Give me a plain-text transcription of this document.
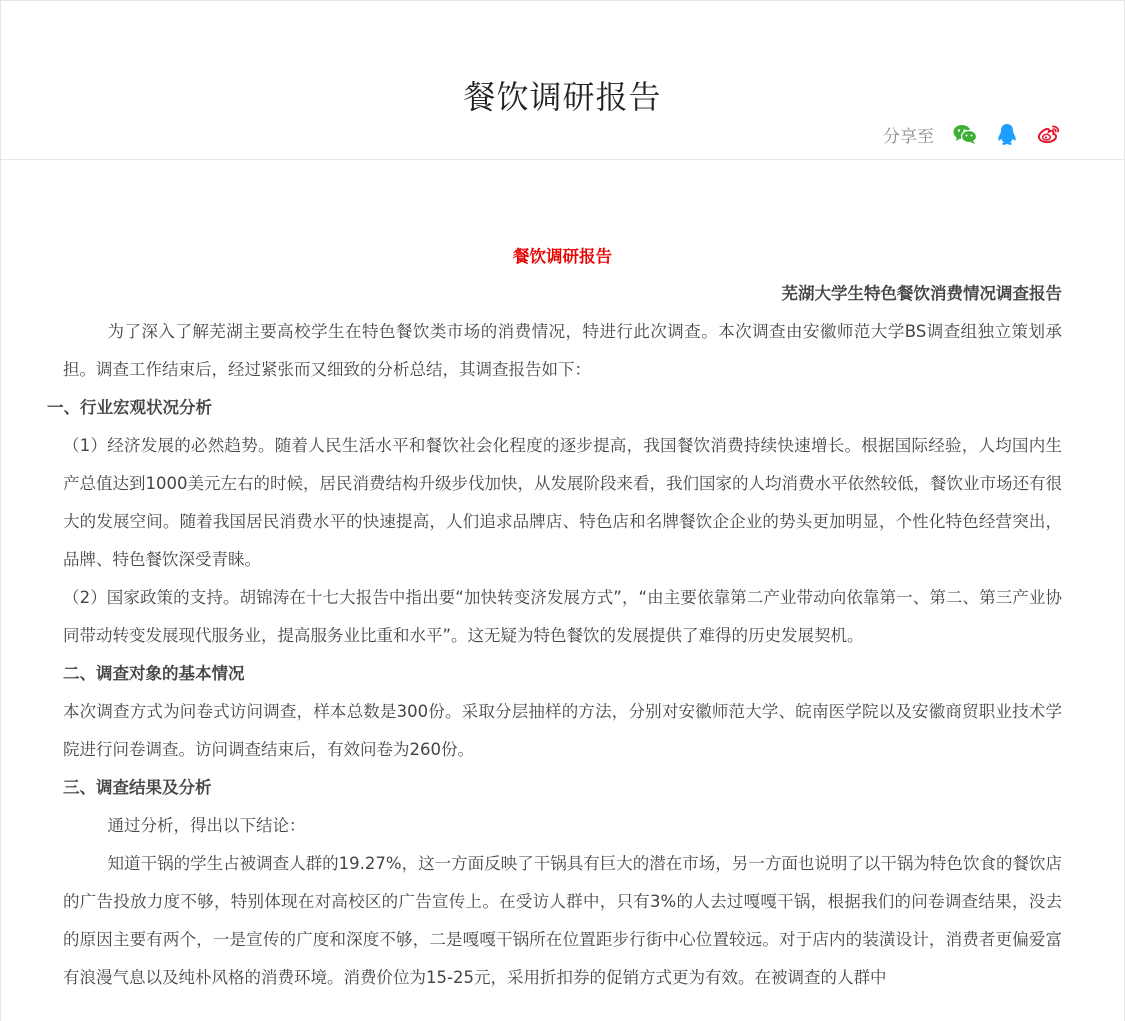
餐饮调研报告
分享至
餐饮调研报告
芜湖大学生特色餐饮消费情况调查报告

为了深入了解芜湖主要高校学生在特色餐饮类市场的消费情况，特进行此次调查。本次调查由安徽师范大学BS调查组独立策划承担。调查工作结束后，经过紧张而又细致的分析总结，其调查报告如下：

一、行业宏观状况分析

（1）经济发展的必然趋势。随着人民生活水平和餐饮社会化程度的逐步提高，我国餐饮消费持续快速增长。根据国际经验，人均国内生产总值达到1000美元左右的时候，居民消费结构升级步伐加快，从发展阶段来看，我们国家的人均消费水平依然较低，餐饮业市场还有很大的发展空间。随着我国居民消费水平的快速提高，人们追求品牌店、特色店和名牌餐饮企企业的势头更加明显，个性化特色经营突出，品牌、特色餐饮深受青睐。

（2）国家政策的支持。胡锦涛在十七大报告中指出要“加快转变济发展方式”，“由主要依靠第二产业带动向依靠第一、第二、第三产业协同带动转变发展现代服务业，提高服务业比重和水平”。这无疑为特色餐饮的发展提供了难得的历史发展契机。

二、调查对象的基本情况

本次调查方式为问卷式访问调查，样本总数是300份。采取分层抽样的方法，分别对安徽师范大学、皖南医学院以及安徽商贸职业技术学院进行问卷调查。访问调查结束后，有效问卷为260份。

三、调查结果及分析

通过分析，得出以下结论：

知道干锅的学生占被调查人群的19.27%，这一方面反映了干锅具有巨大的潜在市场，另一方面也说明了以干锅为特色饮食的餐饮店的广告投放力度不够，特别体现在对高校区的广告宣传上。在受访人群中，只有3%的人去过嘎嘎干锅，根据我们的问卷调查结果，没去的原因主要有两个，一是宣传的广度和深度不够，二是嘎嘎干锅所在位置距步行街中心位置较远。对于店内的装潢设计，消费者更偏爱富有浪漫气息以及纯朴风格的消费环境。消费价位为15-25元，采用折扣券的促销方式更为有效。在被调查的人群中
